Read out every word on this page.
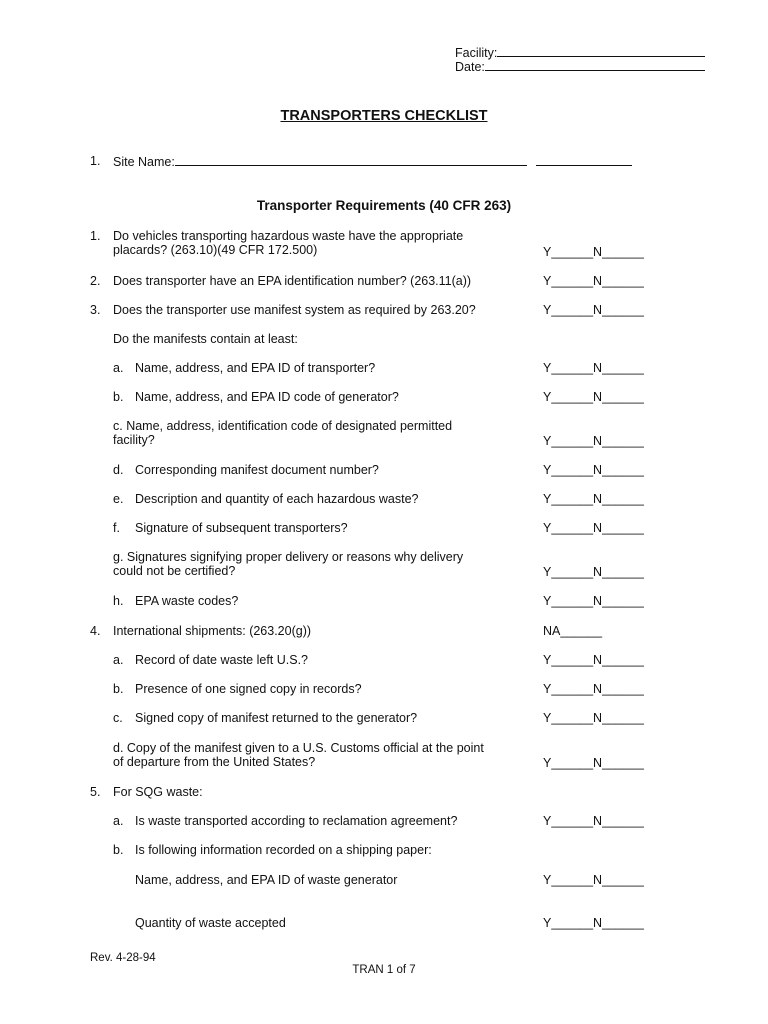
Facility:
Date:
TRANSPORTERS CHECKLIST
1. Site Name:
Transporter Requirements (40 CFR 263)
1. Do vehicles transporting hazardous waste have the appropriate
placards? (263.10)(49 CFR 172.500)	Y______N______
2. Does transporter have an EPA identification number? (263.11(a))	Y______N______
3. Does the transporter use manifest system as required by 263.20?	Y______N______
Do the manifests contain at least:
a. Name, address, and EPA ID of transporter?	Y______N______
b. Name, address, and EPA ID code of generator?	Y______N______
c. Name, address, identification code of designated permitted
facility?	Y______N______
d. Corresponding manifest document number?	Y______N______
e. Description and quantity of each hazardous waste?	Y______N______
f. Signature of subsequent transporters?	Y______N______
g. Signatures signifying proper delivery or reasons why delivery
could not be certified?	Y______N______
h. EPA waste codes?	Y______N______
4. International shipments: (263.20(g))	NA______
a. Record of date waste left U.S.?	Y______N______
b. Presence of one signed copy in records?	Y______N______
c. Signed copy of manifest returned to the generator?	Y______N______
d. Copy of the manifest given to a U.S. Customs official at the point
of departure from the United States?	Y______N______
5. For SQG waste:
a. Is waste transported according to reclamation agreement?	Y______N______
b. Is following information recorded on a shipping paper:
Name, address, and EPA ID of waste generator	Y______N______
Quantity of waste accepted	Y______N______
Rev. 4-28-94
TRAN 1 of 7
